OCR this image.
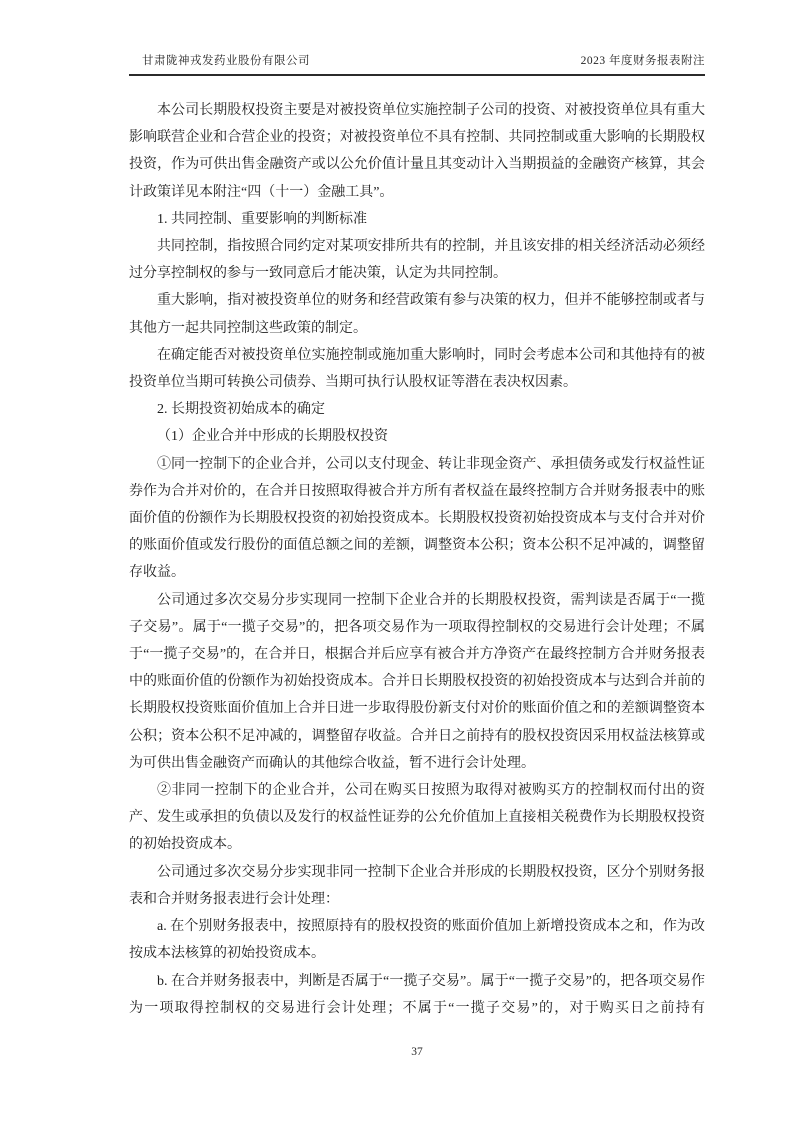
甘肃陇神戎发药业股份有限公司	2023 年度财务报表附注

本公司长期股权投资主要是对被投资单位实施控制子公司的投资、对被投资单位具有重大影响联营企业和合营企业的投资；对被投资单位不具有控制、共同控制或重大影响的长期股权投资，作为可供出售金融资产或以公允价值计量且其变动计入当期损益的金融资产核算，其会计政策详见本附注“四（十一）金融工具”。

1. 共同控制、重要影响的判断标准

共同控制，指按照合同约定对某项安排所共有的控制，并且该安排的相关经济活动必须经过分享控制权的参与一致同意后才能决策，认定为共同控制。

重大影响，指对被投资单位的财务和经营政策有参与决策的权力，但并不能够控制或者与其他方一起共同控制这些政策的制定。

在确定能否对被投资单位实施控制或施加重大影响时，同时会考虑本公司和其他持有的被投资单位当期可转换公司债券、当期可执行认股权证等潜在表决权因素。

2. 长期投资初始成本的确定

（1）企业合并中形成的长期股权投资

①同一控制下的企业合并，公司以支付现金、转让非现金资产、承担债务或发行权益性证券作为合并对价的，在合并日按照取得被合并方所有者权益在最终控制方合并财务报表中的账面价值的份额作为长期股权投资的初始投资成本。长期股权投资初始投资成本与支付合并对价的账面价值或发行股份的面值总额之间的差额，调整资本公积；资本公积不足冲减的，调整留存收益。

公司通过多次交易分步实现同一控制下企业合并的长期股权投资，需判读是否属于“一揽子交易”。属于“一揽子交易”的，把各项交易作为一项取得控制权的交易进行会计处理；不属于“一揽子交易”的，在合并日，根据合并后应享有被合并方净资产在最终控制方合并财务报表中的账面价值的份额作为初始投资成本。合并日长期股权投资的初始投资成本与达到合并前的长期股权投资账面价值加上合并日进一步取得股份新支付对价的账面价值之和的差额调整资本公积；资本公积不足冲减的，调整留存收益。合并日之前持有的股权投资因采用权益法核算或为可供出售金融资产而确认的其他综合收益，暂不进行会计处理。

②非同一控制下的企业合并，公司在购买日按照为取得对被购买方的控制权而付出的资产、发生或承担的负债以及发行的权益性证券的公允价值加上直接相关税费作为长期股权投资的初始投资成本。

公司通过多次交易分步实现非同一控制下企业合并形成的长期股权投资，区分个别财务报表和合并财务报表进行会计处理：

a. 在个别财务报表中，按照原持有的股权投资的账面价值加上新增投资成本之和，作为改按成本法核算的初始投资成本。

b. 在合并财务报表中，判断是否属于“一揽子交易”。属于“一揽子交易”的，把各项交易作为一项取得控制权的交易进行会计处理；不属于“一揽子交易”的，对于购买日之前持有

37
